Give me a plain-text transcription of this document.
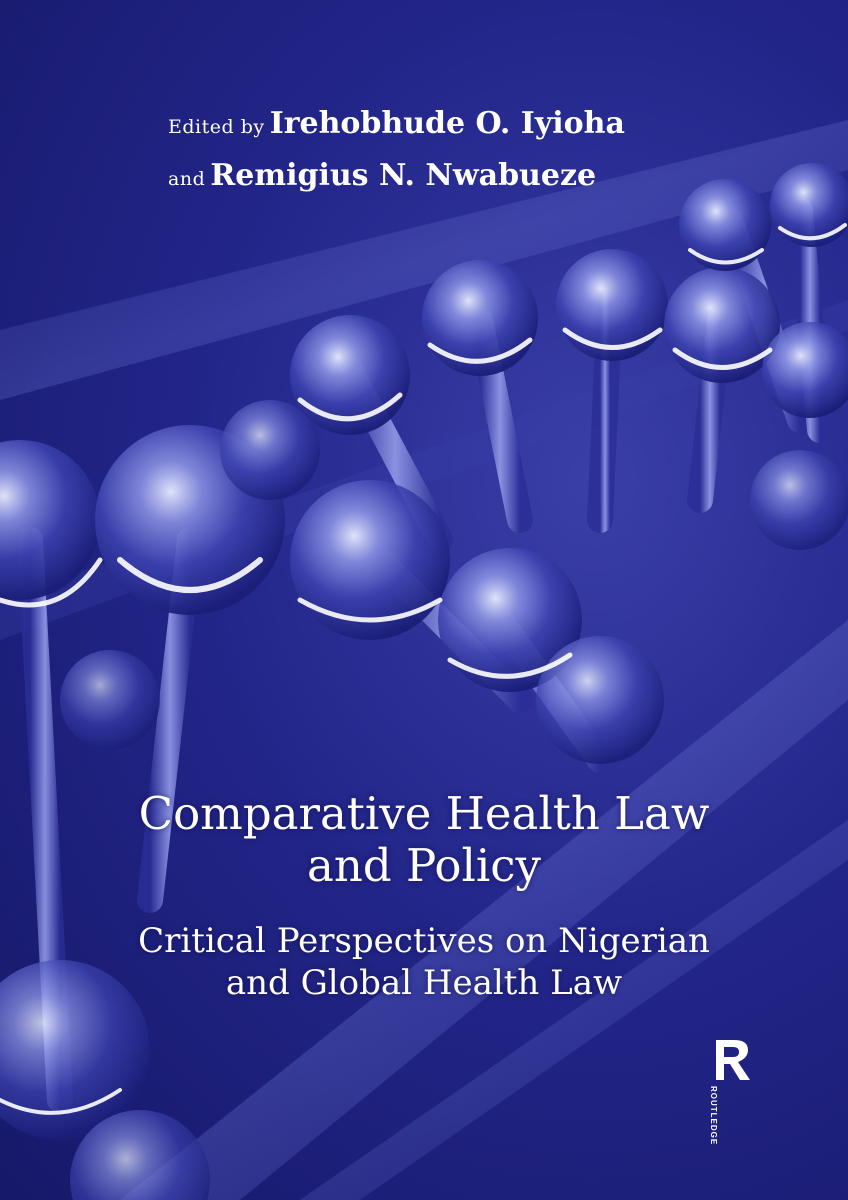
Edited by Irehobhude O. Iyioha
and Remigius N. Nwabueze
Comparative Health Law
and Policy
Critical Perspectives on Nigerian
and Global Health Law
ROUTLEDGE
